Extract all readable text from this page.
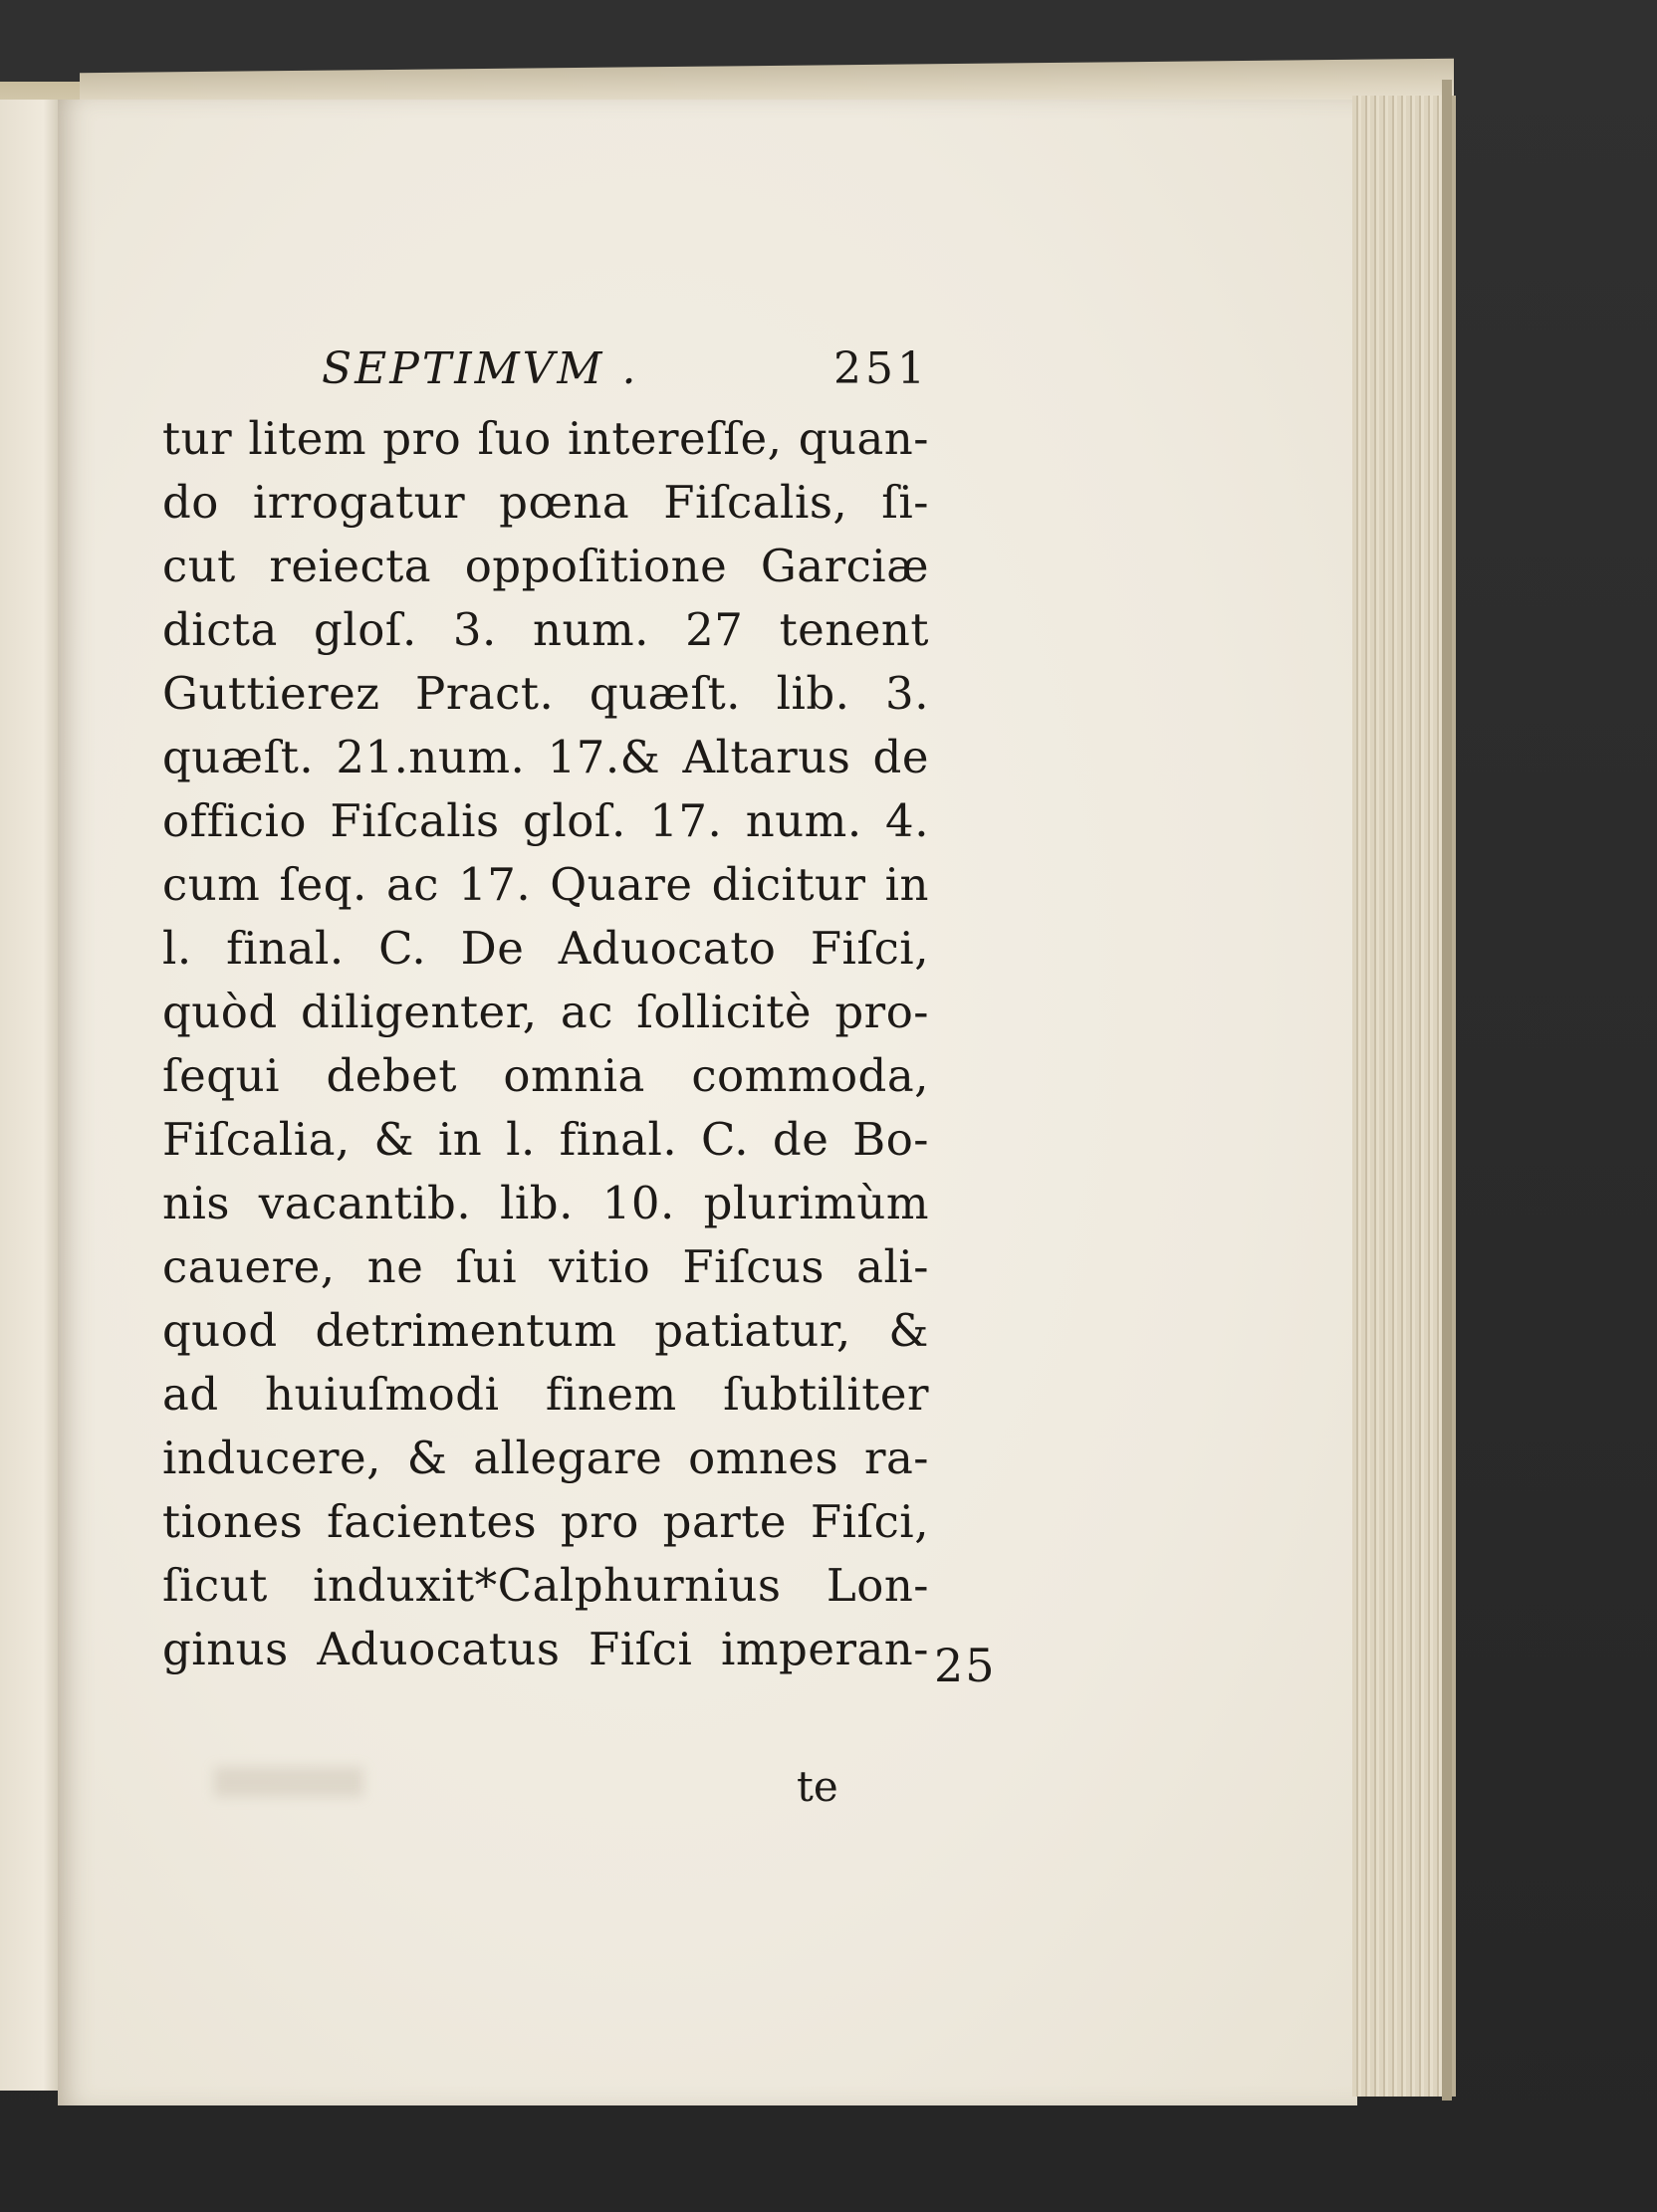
SEPTIMVM .	251
tur litem pro ſuo intereſſe, quan-
do irrogatur pœna Fiſcalis, ſi-
cut reiecta oppoſitione Garciæ
dicta gloſ. 3. num. 27 tenent
Guttierez Pract. quæſt. lib. 3.
quæſt. 21.num. 17.& Altarus de
officio Fiſcalis gloſ. 17. num. 4.
cum ſeq. ac 17. Quare dicitur in
l. final. C. De Aduocato Fiſci,
quòd diligenter, ac ſollicitè pro-
ſequi debet omnia commoda,
Fiſcalia, & in l. final. C. de Bo-
nis vacantib. lib. 10. plurimùm
cauere, ne ſui vitio Fiſcus ali-
quod detrimentum patiatur, &
ad huiuſmodi finem ſubtiliter
inducere, & allegare omnes ra-
tiones facientes pro parte Fiſci,
ſicut induxit*Calphurnius Lon-
ginus Aduocatus Fiſci imperan- 25
te
